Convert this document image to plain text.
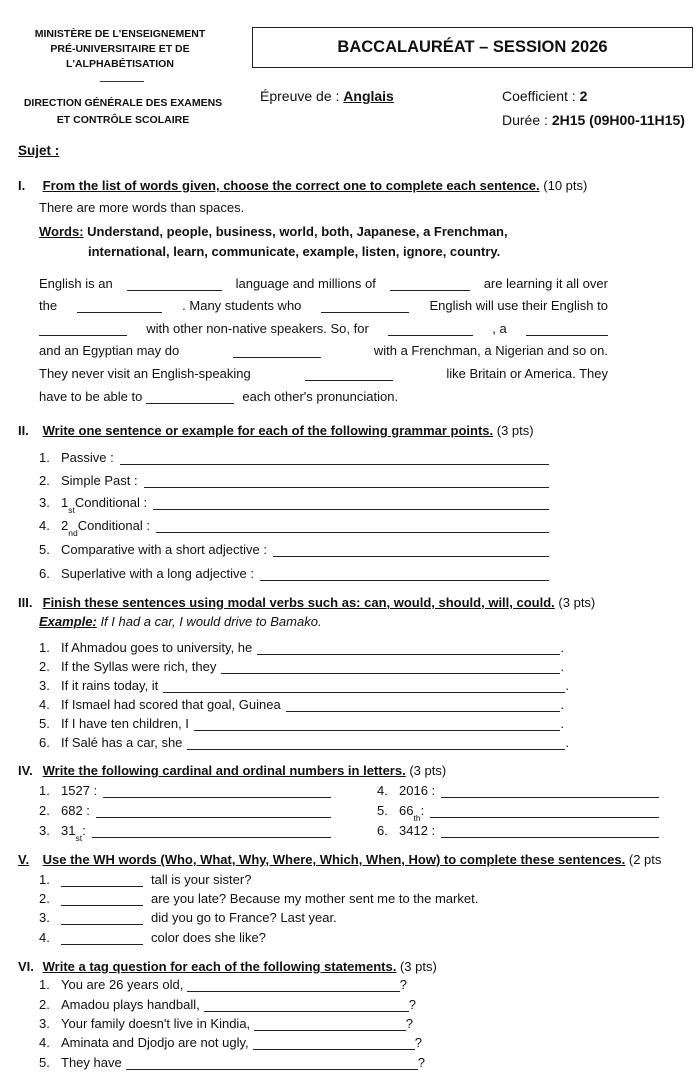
MINISTÈRE DE L'ENSEIGNEMENT
PRÉ-UNIVERSITAIRE ET DE
L'ALPHABÉTISATION
DIRECTION GÉNÉRALE DES EXAMENS
ET CONTRÔLE SCOLAIRE
BACCALAURÉAT – SESSION 2026
Épreuve de : Anglais	Coefficient : 2
Durée : 2H15 (09H00-11H15)
Sujet :
I. From the list of words given, choose the correct one to complete each sentence. (10 pts)
There are more words than spaces.
Words: Understand, people, business, world, both, Japanese, a Frenchman,
international, learn, communicate, example, listen, ignore, country.
English is an	language and millions of	are learning it all over
the	. Many students who	English will use their English to
with other non-native speakers. So, for	, a
and an Egyptian may do	with a Frenchman, a Nigerian and so on.
They never visit an English-speaking	like Britain or America. They
have to be able to	each other's pronunciation.
II. Write one sentence or example for each of the following grammar points. (3 pts)
1. Passive :
2. Simple Past :
3. 1 st Conditional :
4. 2 nd Conditional :
5. Comparative with a short adjective :
6. Superlative with a long adjective :
III. Finish these sentences using modal verbs such as: can, would, should, will, could. (3 pts)
Example: If I had a car, I would drive to Bamako.
1. If Ahmadou goes to university, he	.
2. If the Syllas were rich, they	.
3. If it rains today, it	.
4. If Ismael had scored that goal, Guinea	.
5. If I have ten children, I	.
6. If Salé has a car, she	.
IV. Write the following cardinal and ordinal numbers in letters. (3 pts)
1. 1527 :	4. 2016 :
2. 682 :	5. 66 th :
3. 31 st :	6. 3412 :
V. Use the WH words (Who, What, Why, Where, Which, When, How) to complete these sentences. (2 pts
1.	tall is your sister?
2.	are you late? Because my mother sent me to the market.
3.	did you go to France? Last year.
4.	color does she like?
VI. Write a tag question for each of the following statements. (3 pts)
1. You are 26 years old,	?
2. Amadou plays handball,	?
3. Your family doesn't live in Kindia,	?
4. Aminata and Djodjo are not ugly,	?
5. They have	?
